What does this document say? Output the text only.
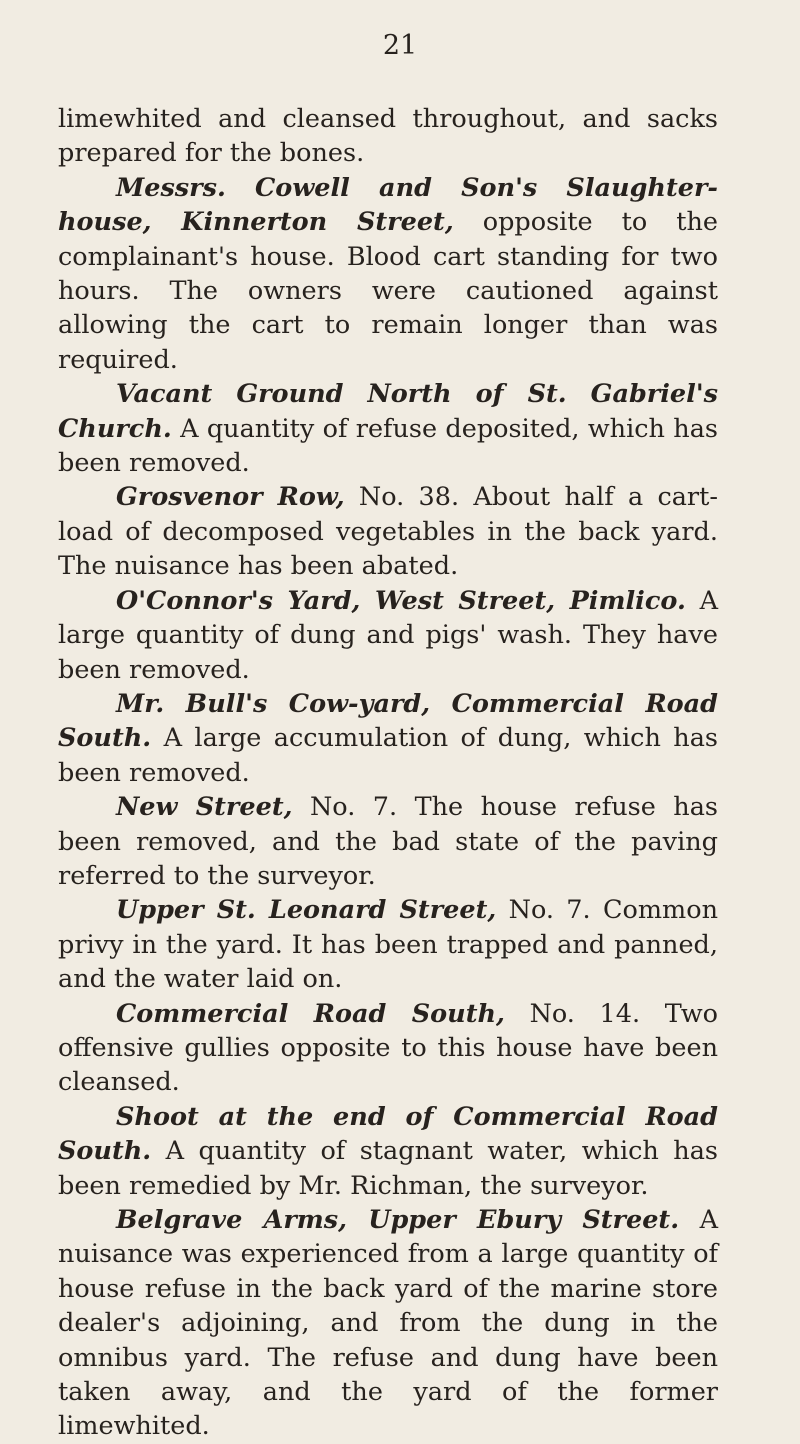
21

limewhited and cleansed throughout, and sacks prepared for the bones.

Messrs. Cowell and Son's Slaughter-house, Kinnerton Street, opposite to the complainant's house. Blood cart standing for two hours. The owners were cautioned against allowing the cart to remain longer than was required.

Vacant Ground North of St. Gabriel's Church. A quantity of refuse deposited, which has been removed.

Grosvenor Row, No. 38. About half a cart-load of decomposed vegetables in the back yard. The nuisance has been abated.

O'Connor's Yard, West Street, Pimlico. A large quantity of dung and pigs' wash. They have been removed.

Mr. Bull's Cow-yard, Commercial Road South. A large accumulation of dung, which has been removed.

New Street, No. 7. The house refuse has been removed, and the bad state of the paving referred to the surveyor.

Upper St. Leonard Street, No. 7. Common privy in the yard. It has been trapped and panned, and the water laid on.

Commercial Road South, No. 14. Two offensive gullies opposite to this house have been cleansed.

Shoot at the end of Commercial Road South. A quantity of stagnant water, which has been remedied by Mr. Richman, the surveyor.

Belgrave Arms, Upper Ebury Street. A nuisance was experienced from a large quantity of house refuse in the back yard of the marine store dealer's adjoining, and from the dung in the omnibus yard. The refuse and dung have been taken away, and the yard of the former limewhited.
